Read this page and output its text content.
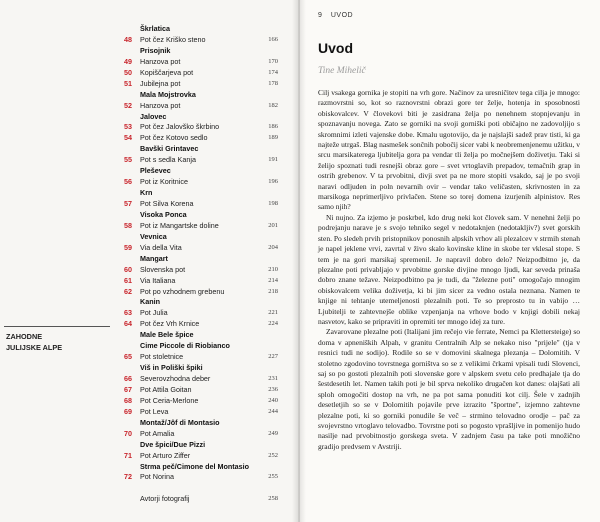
Škrlatica
48 Pot čez Kriško steno	166
Prisojnik
49 Hanzova pot	170
50 Kopiščarjeva pot	174
51 Jubilejna pot	178
Mala Mojstrovka
52 Hanzova pot	182
Jalovec
53 Pot čez Jalovško škrbino	186
54 Pot čez Kotovo sedlo	189
Bavški Grintavec
55 Pot s sedla Kanja	191
Pleševec
56 Pot iz Koritnice	196
Krn
57 Pot Silva Korena	198
Visoka Ponca
58 Pot iz Mangartske doline	201
Vevnica
59 Via della Vita	204
Mangart
60 Slovenska pot	210
61 Via Italiana	214
62 Pot po vzhodnem grebenu	218
Kanin
63 Pot Julia	221
64 Pot čez Vrh Krnice	224
Male Bele špice
Cime Piccole di Riobianco
65 Pot stoletnice	227
Viš in Poliški špiki
66 Severovzhodna deber	231
67 Pot Attila Goitan	236
68 Pot Ceria-Merlone	240
69 Pot Leva	244
Montaž/Jôf di Montasio
70 Pot Amalia	249
Dve špici/Due Pizzi
71 Pot Arturo Ziffer	252
Strma peč/Cimone del Montasio
72 Pot Norina	255
Avtorji fotografij	258
ZAHODNE
JULIJSKE ALPE
9 UVOD
Uvod
Tine Mihelič

Cilj vsakega gornika je stopiti na vrh gore. Načinov za uresničitev tega cilja je mnogo: razmovrstni so, kot so raznovrstni obrazi gore ter želje, hotenja in sposobnosti obiskovalcev. V človekovi biti je zasidrana želja po nenehnem stopnjevanju in spoznavanju novega. Zato se gorniki na svoji gorniški poti običajno ne zadovoljijo s skromnimi izleti vajenske dobe. Kmalu ugotovijo, da je najslajši sadež prav tisti, ki ga najteže utrgaš. Blag nasmešek sončnih pobočij sicer vabi k neobremenjenemu užitku, v srcu marsikaterega ljubitelja gora pa vendar tli želja po močnejšem doživetju. Taki si želijo spoznati tudi resnejši obraz gore – svet vrtoglavih prepadov, temačnih grap in ostrih grebenov. V ta prvobitni, divji svet pa ne more stopiti vsakdo, saj je po svoji naravi odljuden in poln nevarnih ovir – vendar tako veličasten, skrivnosten in za marsikoga neprimerljivo privlačen. Stene so torej domena izurjenih alpinistov. Res samo njih?

Ni nujno. Za izjemo je poskrbel, kdo drug neki kot človek sam. V nenehni želji po podrejanju narave je s svojo tehniko segel v nedotaknjen (nedotakljiv?) svet gorskih sten. Po sledeh prvih pristopnikov ponosnih alpskih vrhov ali plezalcev v strmih stenah je napel jeklene vrvi, zavrtal v živo skalo kovinske kline in skobe ter vklesal stope. S tem je na gori marsikaj spremenil. Je napravil dobro delo? Neizpodbitno je, da plezalne poti privabljajo v prvobitne gorske divjine mnogo ljudi, kar seveda prinaša dobro znane težave. Neizpodbitno pa je tudi, da "železne poti" omogočajo mnogim obiskovalcem velika doživetja, ki bi jim sicer za vedno ostala neznana. Namen te knjige ni tehtanje utemeljenosti plezalnih poti. Te so preprosto tu in vabijo … Ljubitelji te zahtevnejše oblike vzpenjanja na vrhove bodo v knjigi dobili nekaj nasvetov, kako se pripraviti in opremiti ter mnogo idej za ture.

Zavarovane plezalne poti (Italijani jim rečejo vie ferrate, Nemci pa Klettersteige) so doma v apneniških Alpah, v granitu Centralnih Alp se nekako niso "prijele" (tja v resnici tudi ne sodijo). Rodile so se v domovini skalnega plezanja – Dolomitih. V stoletno zgodovino tovrstnega gorništva so se z velikimi črkami vpisali tudi Slovenci, saj so po gostoti plezalnih poti slovenske gore v alpskem svetu celo predhajale tja do šestdesetih let. Namen takih poti je bil sprva nekoliko drugačen kot danes: olajšati ali sploh omogočiti dostop na vrh, ne pa pot sama ponuditi kot cilj. Šele v zadnjih desetletjih so se v Dolomitih pojavile prve izrazito "športne", izjemno zahtevne plezalne poti, ki so gorniki ponudile še več – strmino telovadno orodje – pač za svojevrstno vrtoglavo telovadbo. Tovrstne poti so pogosto vprašljive in pomenijo hudo nasilje nad prvobitnostjo gorskega sveta. V zadnjem času pa take poti množično gradijo predvsem v Avstriji.
